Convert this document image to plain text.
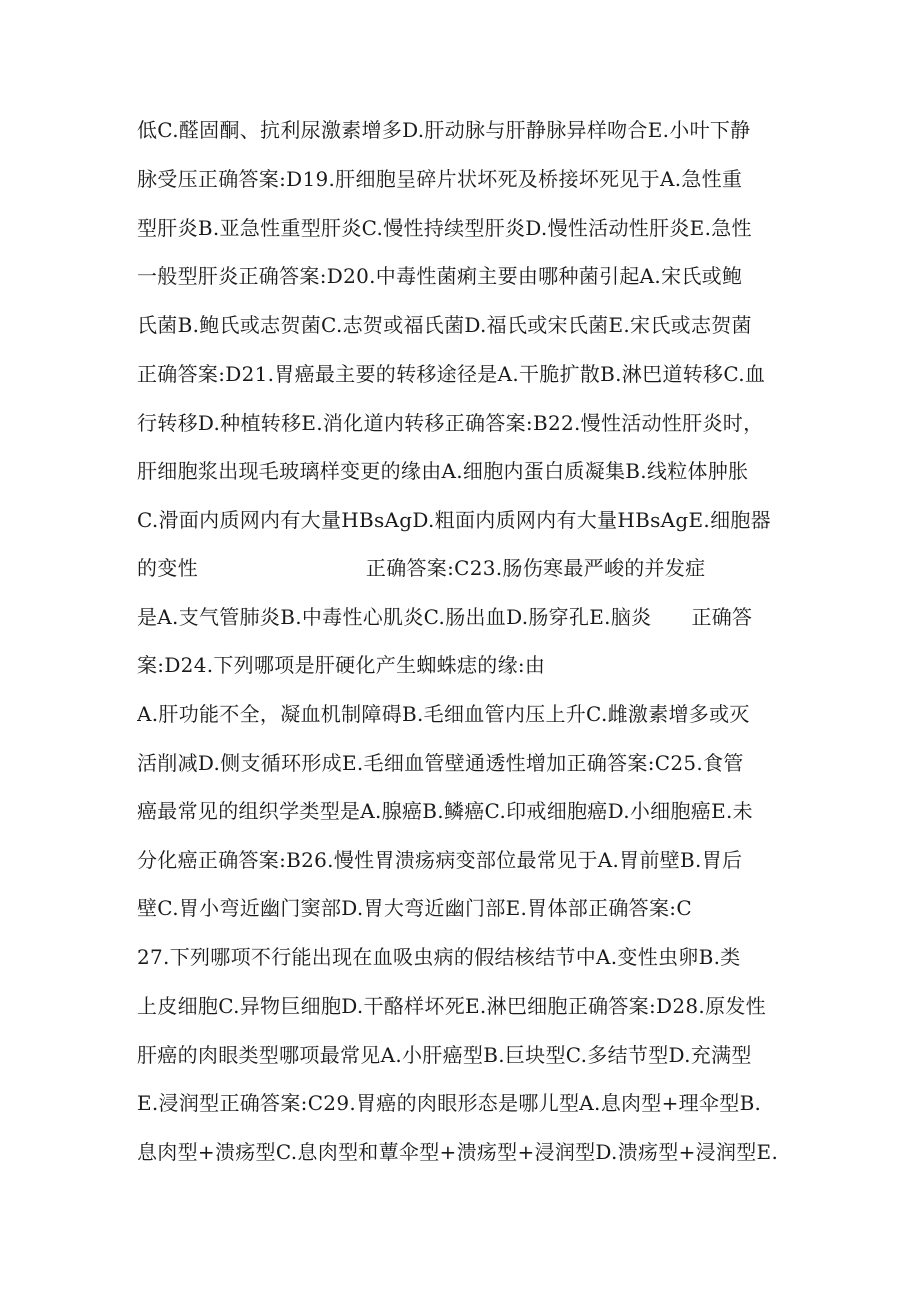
低C.醛固酮、抗利尿激素增多D.肝动脉与肝静脉异样吻合E.小叶下静
脉受压正确答案:D19.肝细胞呈碎片状坏死及桥接坏死见于A.急性重
型肝炎B.亚急性重型肝炎C.慢性持续型肝炎D.慢性活动性肝炎E.急性
一般型肝炎正确答案:D20.中毒性菌痢主要由哪种菌引起A.宋氏或鲍
氏菌B.鲍氏或志贺菌C.志贺或福氏菌D.福氏或宋氏菌E.宋氏或志贺菌
正确答案:D21.胃癌最主要的转移途径是A.干脆扩散B.淋巴道转移C.血
行转移D.种植转移E.消化道内转移正确答案:B22.慢性活动性肝炎时，
肝细胞浆出现毛玻璃样变更的缘由A.细胞内蛋白质凝集B.线粒体肿胀
C.滑面内质网内有大量HBsAgD.粗面内质网内有大量HBsAgE.细胞器
的变性	正确答案:C23.肠伤寒最严峻的并发症
是A.支气管肺炎B.中毒性心肌炎C.肠出血D.肠穿孔E.脑炎 正确答
案:D24.下列哪项是肝硬化产生蜘蛛痣的缘:由
A.肝功能不全，凝血机制障碍B.毛细血管内压上升C.雌激素增多或灭
活削减D.侧支循环形成E.毛细血管壁通透性增加正确答案:C25.食管
癌最常见的组织学类型是A.腺癌B.鳞癌C.印戒细胞癌D.小细胞癌E.未
分化癌正确答案:B26.慢性胃溃疡病变部位最常见于A.胃前壁B.胃后
壁C.胃小弯近幽门窦部D.胃大弯近幽门部E.胃体部正确答案:C
27.下列哪项不行能出现在血吸虫病的假结核结节中A.变性虫卵B.类
上皮细胞C.异物巨细胞D.干酪样坏死E.淋巴细胞正确答案:D28.原发性
肝癌的肉眼类型哪项最常见A.小肝癌型B.巨块型C.多结节型D.充满型
E.浸润型正确答案:C29.胃癌的肉眼形态是哪儿型A.息肉型+理伞型B.
息肉型+溃疡型C.息肉型和蕈伞型+溃疡型+浸润型D.溃疡型+浸润型E.
